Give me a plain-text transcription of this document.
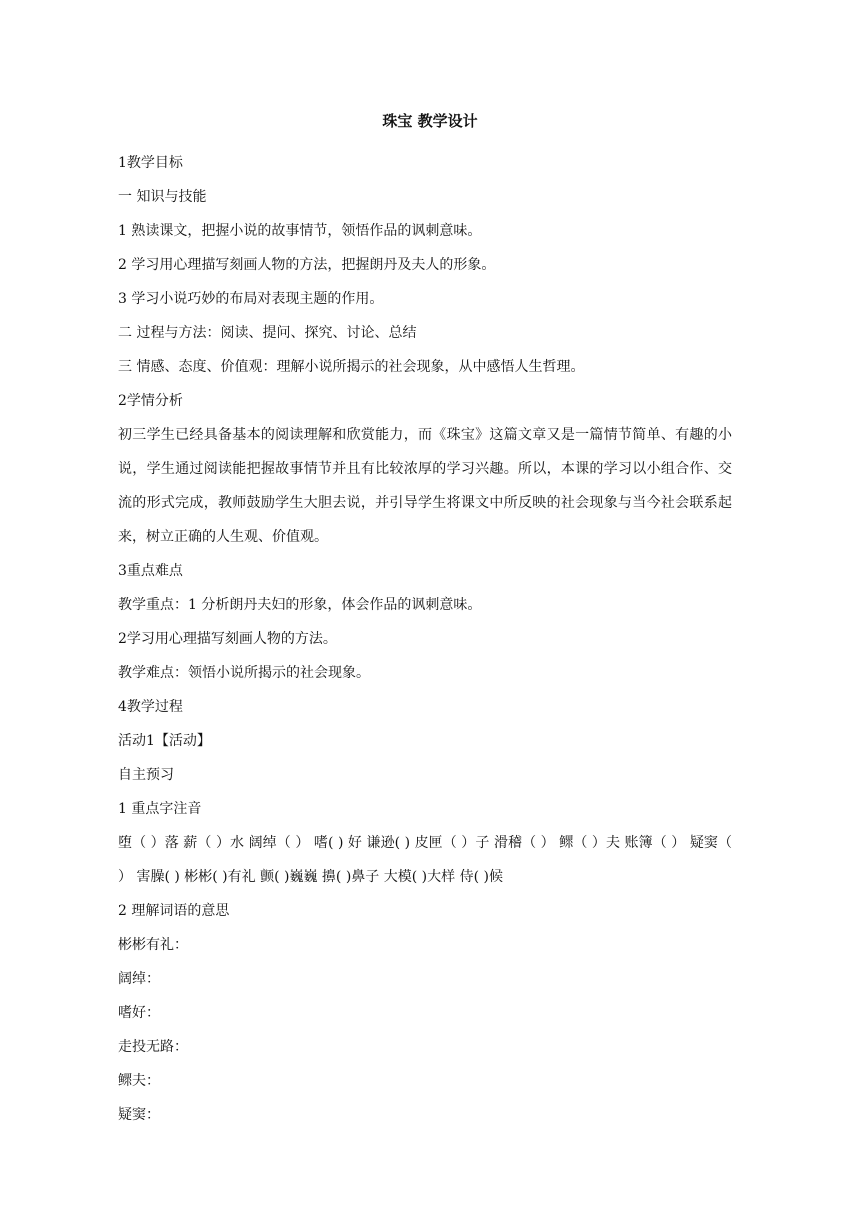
珠宝 教学设计
1教学目标
一 知识与技能
1 熟读课文，把握小说的故事情节，领悟作品的讽刺意味。
2 学习用心理描写刻画人物的方法，把握朗丹及夫人的形象。
3 学习小说巧妙的布局对表现主题的作用。
二 过程与方法：阅读、提问、探究、讨论、总结
三 情感、态度、价值观：理解小说所揭示的社会现象，从中感悟人生哲理。
2学情分析
初三学生已经具备基本的阅读理解和欣赏能力，而《珠宝》这篇文章又是一篇情节简单、有趣的小说，学生通过阅读能把握故事情节并且有比较浓厚的学习兴趣。所以，本课的学习以小组合作、交流的形式完成，教师鼓励学生大胆去说，并引导学生将课文中所反映的社会现象与当今社会联系起来，树立正确的人生观、价值观。
3重点难点
教学重点：1 分析朗丹夫妇的形象，体会作品的讽刺意味。
2学习用心理描写刻画人物的方法。
教学难点：领悟小说所揭示的社会现象。
4教学过程
活动1【活动】
自主预习
1 重点字注音
堕（ ）落 薪（ ）水 阔绰（ ） 嗜( ) 好 谦逊( ) 皮匣（ ）子 滑稽（ ） 鳏（ ）夫 账簿（ ） 疑窦（ ） 害臊( ) 彬彬( )有礼 颤( )巍巍 擤( )鼻子 大模( )大样 侍( )候
2 理解词语的意思
彬彬有礼：
阔绰：
嗜好：
走投无路：
鳏夫：
疑窦：
